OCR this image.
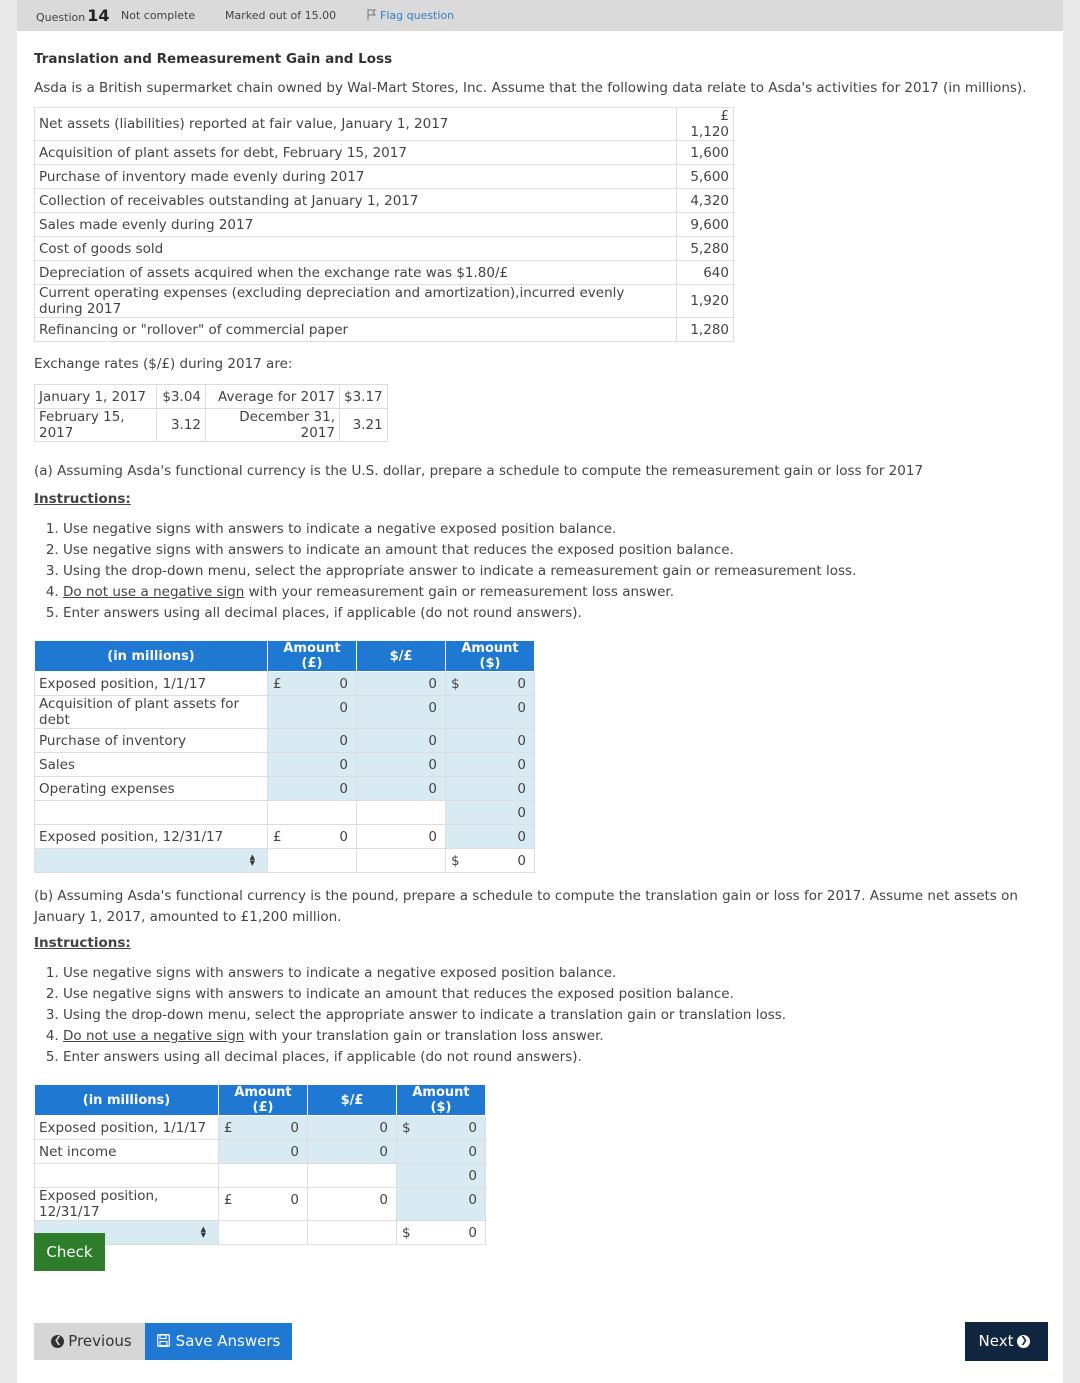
Question 14 Not complete	Marked out of 15.00	Flag question
Translation and Remeasurement Gain and Loss
Asda is a British supermarket chain owned by Wal-Mart Stores, Inc. Assume that the following data relate to Asda's activities for 2017 (in millions).
Net assets (liabilities) reported at fair value, January 1, 2017	£ 1,120
Acquisition of plant assets for debt, February 15, 2017	1,600
Purchase of inventory made evenly during 2017	5,600
Collection of receivables outstanding at January 1, 2017	4,320
Sales made evenly during 2017	9,600
Cost of goods sold	5,280
Depreciation of assets acquired when the exchange rate was $1.80/£	640
Current operating expenses (excluding depreciation and amortization),incurred evenly during 2017	1,920
Refinancing or "rollover" of commercial paper	1,280
Exchange rates ($/£) during 2017 are:
January 1, 2017	$3.04	Average for 2017	$3.17
February 15, 2017	3.12	December 31, 2017	3.21
(a) Assuming Asda's functional currency is the U.S. dollar, prepare a schedule to compute the remeasurement gain or loss for 2017
Instructions:
1. Use negative signs with answers to indicate a negative exposed position balance.
2. Use negative signs with answers to indicate an amount that reduces the exposed position balance.
3. Using the drop-down menu, select the appropriate answer to indicate a remeasurement gain or remeasurement loss.
4. Do not use a negative sign with your remeasurement gain or remeasurement loss answer.
5. Enter answers using all decimal places, if applicable (do not round answers).
(in millions)	Amount (£)	$/£	Amount ($)
Exposed position, 1/1/17	£ 0	0	$ 0

Acquisition of plant assets for debt	0	0	0

Purchase of inventory	0	0	0

Sales	0	0	0

Operating expenses	0	0	0

			0

Exposed position, 12/31/17	£ 0	0	0

▲
▼			$ 0
(b) Assuming Asda's functional currency is the pound, prepare a schedule to compute the translation gain or loss for 2017. Assume net assets on January 1, 2017, amounted to £1,200 million.
Instructions:
1. Use negative signs with answers to indicate a negative exposed position balance.
2. Use negative signs with answers to indicate an amount that reduces the exposed position balance.
3. Using the drop-down menu, select the appropriate answer to indicate a translation gain or translation loss.
4. Do not use a negative sign with your translation gain or translation loss answer.
5. Enter answers using all decimal places, if applicable (do not round answers).
(in millions)	Amount (£)	$/£	Amount ($)
Exposed position, 1/1/17	£ 0	0	$ 0

Net income	0	0	0

			0

Exposed position, 12/31/17	£ 0	0	0

▲
▼			$ 0
Check
❮ Previous	Save Answers	Next ❯
